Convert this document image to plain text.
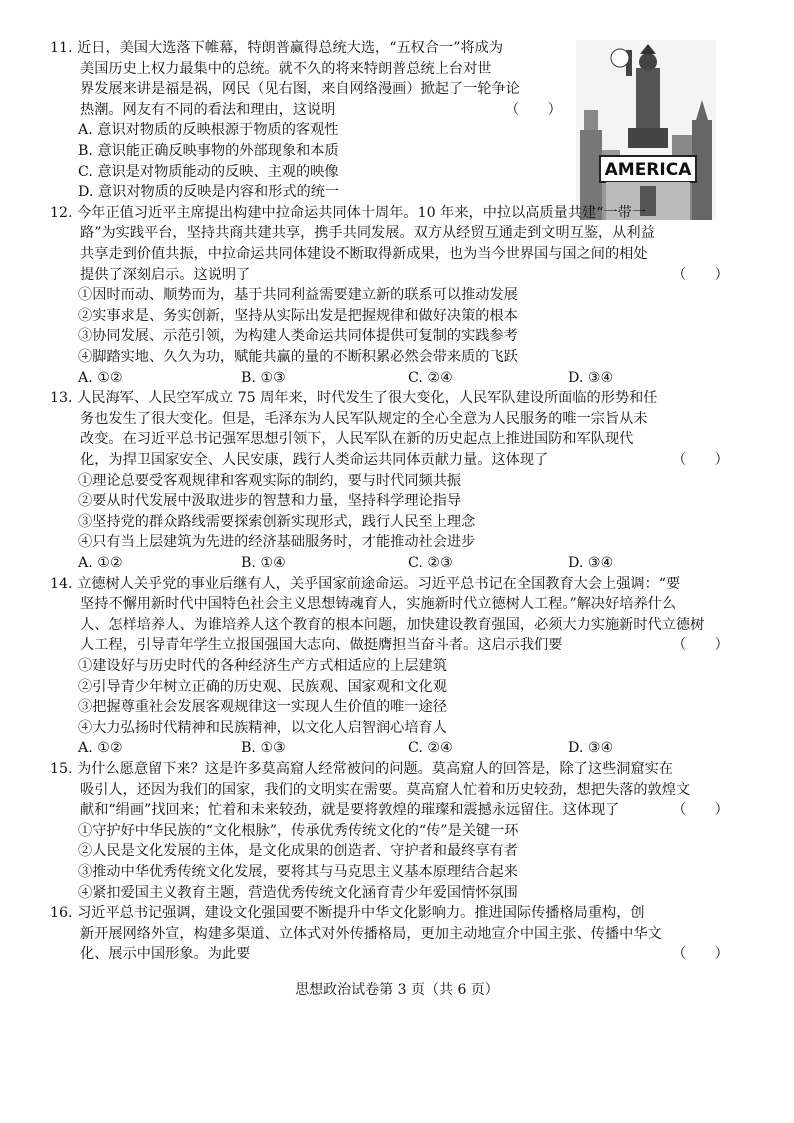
11. 近日，美国大选落下帷幕，特朗普赢得总统大选，“五权合一”将成为
美国历史上权力最集中的总统。就不久的将来特朗普总统上台对世
界发展来讲是福是祸，网民（见右图，来自网络漫画）掀起了一轮争论
热潮。网友有不同的看法和理由，这说明	（　　）
A. 意识对物质的反映根源于物质的客观性
B. 意识能正确反映事物的外部现象和本质
C. 意识是对物质能动的反映、主观的映像
D. 意识对物质的反映是内容和形式的统一
AMERICA
12. 今年正值习近平主席提出构建中拉命运共同体十周年。10 年来，中拉以高质量共建“一带一
路”为实践平台，坚持共商共建共享，携手共同发展。双方从经贸互通走到文明互鉴，从利益
共享走到价值共振，中拉命运共同体建设不断取得新成果，也为当今世界国与国之间的相处
提供了深刻启示。这说明了	（　　）
①因时而动、顺势而为，基于共同利益需要建立新的联系可以推动发展
②实事求是、务实创新，坚持从实际出发是把握规律和做好决策的根本
③协同发展、示范引领，为构建人类命运共同体提供可复制的实践参考
④脚踏实地、久久为功，赋能共赢的量的不断积累必然会带来质的飞跃
A. ①②	B. ①③	C. ②④	D. ③④
13. 人民海军、人民空军成立 75 周年来，时代发生了很大变化，人民军队建设所面临的形势和任
务也发生了很大变化。但是，毛泽东为人民军队规定的全心全意为人民服务的唯一宗旨从未
改变。在习近平总书记强军思想引领下，人民军队在新的历史起点上推进国防和军队现代
化，为捍卫国家安全、人民安康，践行人类命运共同体贡献力量。这体现了	（　　）
①理论总要受客观规律和客观实际的制约，要与时代同频共振
②要从时代发展中汲取进步的智慧和力量，坚持科学理论指导
③坚持党的群众路线需要探索创新实现形式，践行人民至上理念
④只有当上层建筑为先进的经济基础服务时，才能推动社会进步
A. ①②	B. ①④	C. ②③	D. ③④
14. 立德树人关乎党的事业后继有人，关乎国家前途命运。习近平总书记在全国教育大会上强调：“要
坚持不懈用新时代中国特色社会主义思想铸魂育人，实施新时代立德树人工程。”解决好培养什么
人、怎样培养人、为谁培养人这个教育的根本问题，加快建设教育强国，必须大力实施新时代立德树
人工程，引导青年学生立报国强国大志向、做挺膺担当奋斗者。这启示我们要	（　　）
①建设好与历史时代的各种经济生产方式相适应的上层建筑
②引导青少年树立正确的历史观、民族观、国家观和文化观
③把握尊重社会发展客观规律这一实现人生价值的唯一途径
④大力弘扬时代精神和民族精神，以文化人启智润心培育人
A. ①②	B. ①③	C. ②④	D. ③④
15. 为什么愿意留下来？这是许多莫高窟人经常被问的问题。莫高窟人的回答是，除了这些洞窟实在
吸引人，还因为我们的国家，我们的文明实在需要。莫高窟人忙着和历史较劲，想把失落的敦煌文
献和“绢画”找回来；忙着和未来较劲，就是要将敦煌的璀璨和震撼永远留住。这体现了	（　　）
①守护好中华民族的“文化根脉”，传承优秀传统文化的“传”是关键一环
②人民是文化发展的主体，是文化成果的创造者、守护者和最终享有者
③推动中华优秀传统文化发展，要将其与马克思主义基本原理结合起来
④紧扣爱国主义教育主题，营造优秀传统文化涵育青少年爱国情怀氛围
16. 习近平总书记强调，建设文化强国要不断提升中华文化影响力。推进国际传播格局重构，创
新开展网络外宣，构建多渠道、立体式对外传播格局，更加主动地宣介中国主张、传播中华文
化、展示中国形象。为此要	（　　）
思想政治试卷第 3 页（共 6 页）
